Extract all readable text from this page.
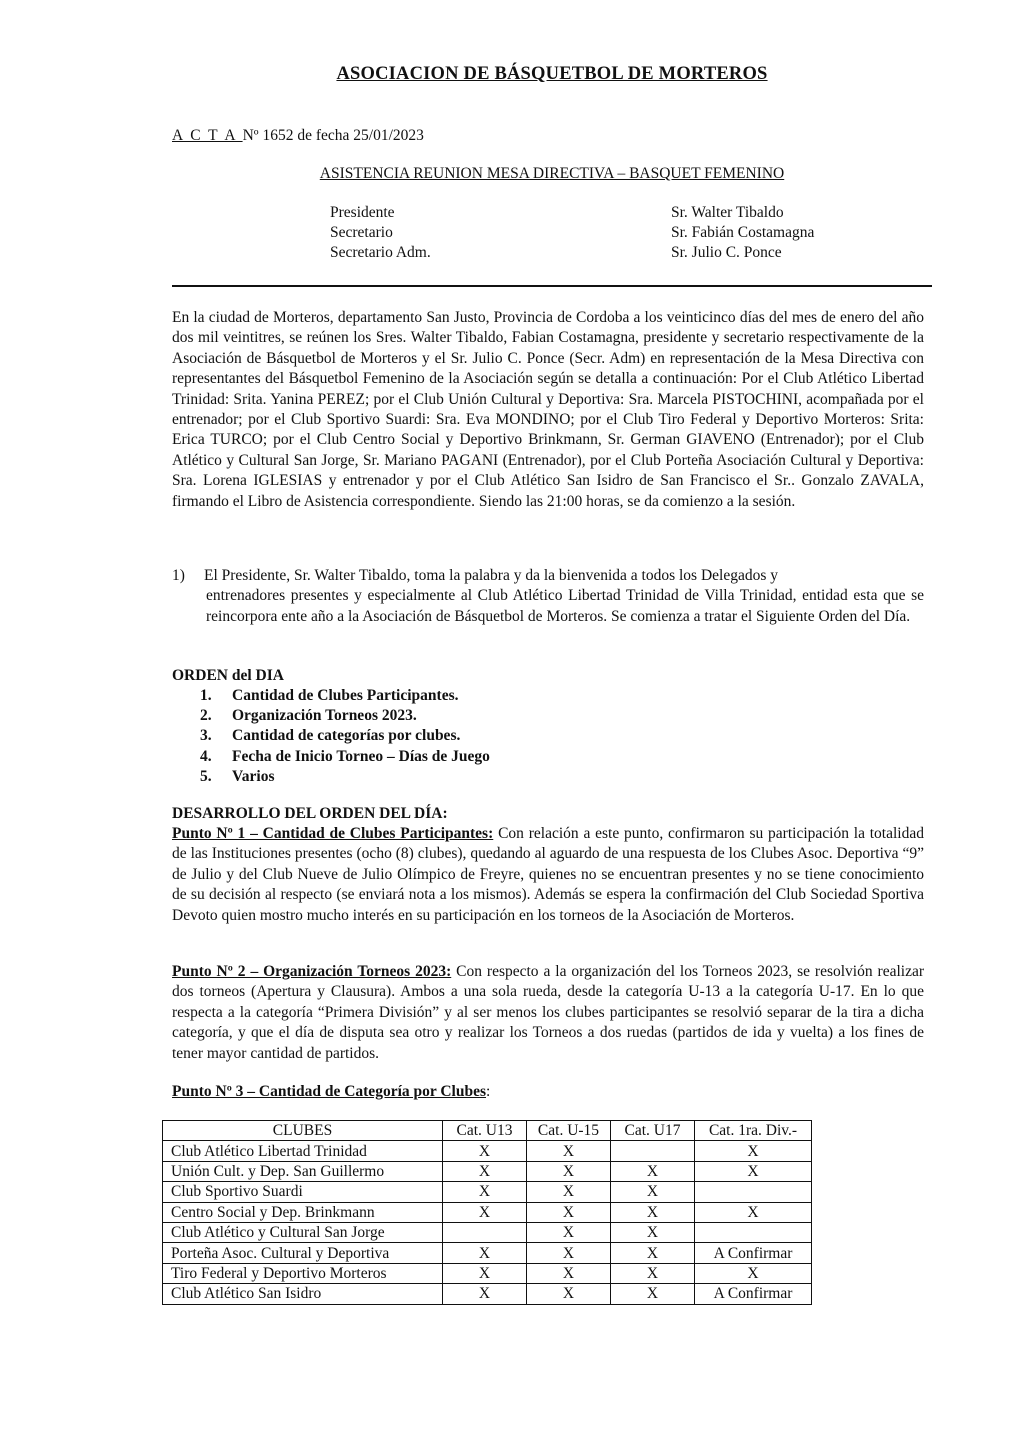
ASOCIACION DE BÁSQUETBOL DE MORTEROS
A C T A Nº 1652 de fecha 25/01/2023
ASISTENCIA REUNION MESA DIRECTIVA – BASQUET FEMENINO
Presidente	Sr. Walter Tibaldo
Secretario	Sr. Fabián Costamagna
Secretario Adm.	Sr. Julio C. Ponce
En la ciudad de Morteros, departamento San Justo, Provincia de Cordoba a los veinticinco días del mes de enero del año dos mil veintitres, se reúnen los Sres. Walter Tibaldo, Fabian Costamagna, presidente y secretario respectivamente de la Asociación de Básquetbol de Morteros y el Sr. Julio C. Ponce (Secr. Adm) en representación de la Mesa Directiva con representantes del Básquetbol Femenino de la Asociación según se detalla a continuación: Por el Club Atlético Libertad Trinidad: Srita. Yanina PEREZ; por el Club Unión Cultural y Deportiva: Sra. Marcela PISTOCHINI, acompañada por el entrenador; por el Club Sportivo Suardi: Sra. Eva MONDINO; por el Club Tiro Federal y Deportivo Morteros: Srita: Erica TURCO; por el Club Centro Social y Deportivo Brinkmann, Sr. German GIAVENO (Entrenador); por el Club Atlético y Cultural San Jorge, Sr. Mariano PAGANI (Entrenador), por el Club Porteña Asociación Cultural y Deportiva: Sra. Lorena IGLESIAS y entrenador y por el Club Atlético San Isidro de San Francisco el Sr.. Gonzalo ZAVALA, firmando el Libro de Asistencia correspondiente. Siendo las 21:00 horas, se da comienzo a la sesión.
1)	El Presidente, Sr. Walter Tibaldo, toma la palabra y da la bienvenida a todos los Delegados y
entrenadores presentes y especialmente al Club Atlético Libertad Trinidad de Villa Trinidad, entidad esta que se reincorpora ente año a la Asociación de Básquetbol de Morteros. Se comienza a tratar el Siguiente Orden del Día.
ORDEN del DIA
1.	Cantidad de Clubes Participantes.
2.	Organización Torneos 2023.
3.	Cantidad de categorías por clubes.
4.	Fecha de Inicio Torneo – Días de Juego
5.	Varios
DESARROLLO DEL ORDEN DEL DÍA:
Punto Nº 1 – Cantidad de Clubes Participantes: Con relación a este punto, confirmaron su participación la totalidad de las Instituciones presentes (ocho (8) clubes), quedando al aguardo de una respuesta de los Clubes Asoc. Deportiva “9” de Julio y del Club Nueve de Julio Olímpico de Freyre, quienes no se encuentran presentes y no se tiene conocimiento de su decisión al respecto (se enviará nota a los mismos). Además se espera la confirmación del Club Sociedad Sportiva Devoto quien mostro mucho interés en su participación en los torneos de la Asociación de Morteros.
Punto Nº 2 – Organización Torneos 2023: Con respecto a la organización del los Torneos 2023, se resolvión realizar dos torneos (Apertura y Clausura). Ambos a una sola rueda, desde la categoría U-13 a la categoría U-17. En lo que respecta a la categoría “Primera División” y al ser menos los clubes participantes se resolvió separar de la tira a dicha categoría, y que el día de disputa sea otro y realizar los Torneos a dos ruedas (partidos de ida y vuelta) a los fines de tener mayor cantidad de partidos.
Punto Nº 3 – Cantidad de Categoría por Clubes:
CLUBES	Cat. U13	Cat. U-15	Cat. U17	Cat. 1ra. Div.-
Club Atlético Libertad Trinidad	X	X		X
Unión Cult. y Dep. San Guillermo	X	X	X	X
Club Sportivo Suardi	X	X	X	
Centro Social y Dep. Brinkmann	X	X	X	X
Club Atlético y Cultural San Jorge		X	X	
Porteña Asoc. Cultural y Deportiva	X	X	X	A Confirmar
Tiro Federal y Deportivo Morteros	X	X	X	X
Club Atlético San Isidro	X	X	X	A Confirmar
